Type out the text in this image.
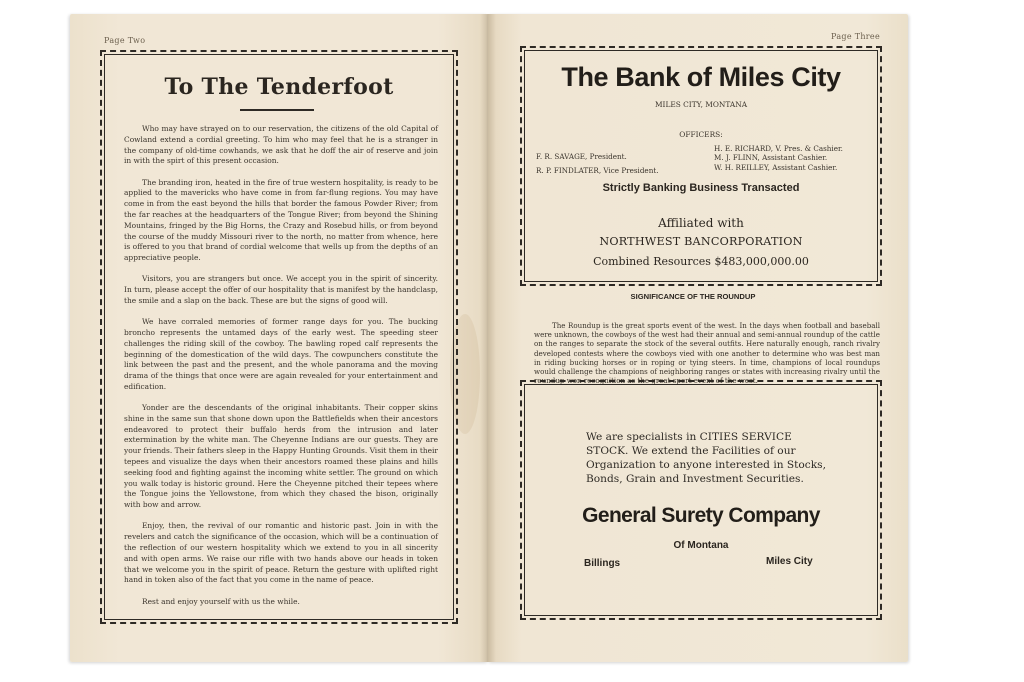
Page Two
To The Tenderfoot

Who may have strayed on to our reservation, the citizens of the old Capital of Cowland extend a cordial greeting. To him who may feel that he is a stranger in the company of old-time cowhands, we ask that he doff the air of reserve and join in with the spirt of this present occasion.

The branding iron, heated in the fire of true western hospitality, is ready to be applied to the mavericks who have come in from far-flung regions. You may have come in from the east beyond the hills that border the famous Powder River; from the far reaches at the headquarters of the Tongue River; from beyond the Shining Mountains, fringed by the Big Horns, the Crazy and Rosebud hills, or from beyond the course of the muddy Missouri river to the north, no matter from whence, here is offered to you that brand of cordial welcome that wells up from the depths of an appreciative people.

Visitors, you are strangers but once. We accept you in the spirit of sincerity. In turn, please accept the offer of our hospitality that is manifest by the handclasp, the smile and a slap on the back. These are but the signs of good will.

We have corraled memories of former range days for you. The bucking broncho represents the untamed days of the early west. The speeding steer challenges the riding skill of the cowboy. The bawling roped calf represents the beginning of the domestication of the wild days. The cowpunchers constitute the link between the past and the present, and the whole panorama and the moving drama of the things that once were are again revealed for your entertainment and edification.

Yonder are the descendants of the original inhabitants. Their copper skins shine in the same sun that shone down upon the Battlefields when their ancestors endeavored to protect their buffalo herds from the intrusion and later extermination by the white man. The Cheyenne Indians are our guests. They are your friends. Their fathers sleep in the Happy Hunting Grounds. Visit them in their tepees and visualize the days when their ancestors roamed these plains and hills seeking food and fighting against the incoming white settler. The ground on which you walk today is historic ground. Here the Cheyenne pitched their tepees where the Tongue joins the Yellowstone, from which they chased the bison, originally with bow and arrow.

Enjoy, then, the revival of our romantic and historic past. Join in with the revelers and catch the significance of the occasion, which will be a continuation of the reflection of our western hospitality which we extend to you in all sincerity and with open arms. We raise our rifle with two hands above our heads in token that we welcome you in the spirit of peace. Return the gesture with uplifted right hand in token also of the fact that you come in the name of peace.

Rest and enjoy yourself with us the while.

Page Three
The Bank of Miles City
MILES CITY, MONTANA
OFFICERS:
F. R. SAVAGE, President.
R. P. FINDLATER, Vice President.
H. E. RICHARD, V. Pres. & Cashier.
M. J. FLINN, Assistant Cashier.
W. H. REILLEY, Assistant Cashier.
Strictly Banking Business Transacted
Affiliated with
NORTHWEST BANCORPORATION
Combined Resources $483,000,000.00
SIGNIFICANCE OF THE ROUNDUP
The Roundup is the great sports event of the west. In the days when football and baseball were unknown, the cowboys of the west had their annual and semi-annual roundup of the cattle on the ranges to separate the stock of the several outfits. Here naturally enough, ranch rivalry developed contests where the cowboys vied with one another to determine who was best man in riding bucking horses or in roping or tying steers. In time, champions of local roundups would challenge the champions of neighboring ranges or states with increasing rivalry until the roundup won recognition as the great sport event of the west.
We are specialists in CITIES SERVICE STOCK. We extend the Facilities of our Organization to anyone interested in Stocks, Bonds, Grain and Investment Securities.
General Surety Company
Of Montana
Billings	Miles City
